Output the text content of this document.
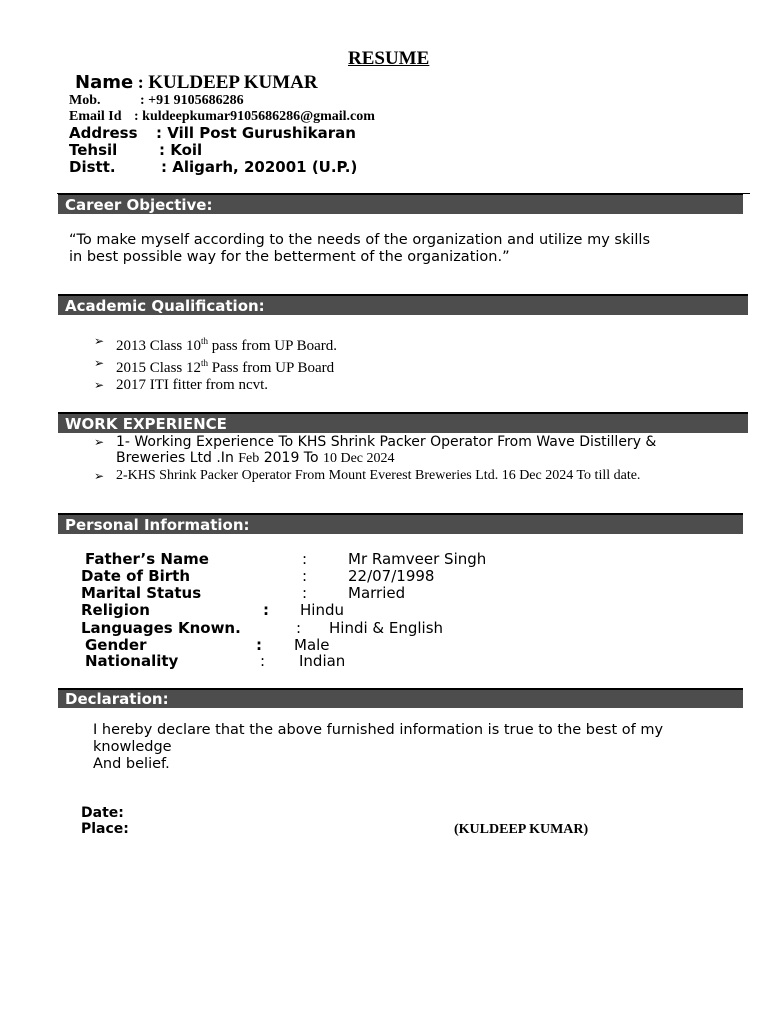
RESUME
Name : KULDEEP KUMAR
Mob.	: +91 9105686286
Email Id : kuldeepkumar9105686286@gmail.com
Address : Vill Post Gurushikaran
Tehsil	: Koil
Distt.	: Aligarh, 202001 (U.P.)
Career Objective:
“To make myself according to the needs of the organization and utilize my skills
in best possible way for the betterment of the organization.”
Academic Qualification:
➢ 2013 Class 10th pass from UP Board.
➢ 2015 Class 12th Pass from UP Board
➢ 2017 ITI fitter from ncvt.
WORK EXPERIENCE
➢ 1- Working Experience To KHS Shrink Packer Operator From Wave Distillery &
Breweries Ltd .In Feb 2019 To 10 Dec 2024
➢ 2-KHS Shrink Packer Operator From Mount Everest Breweries Ltd. 16 Dec 2024 To till date.
Personal Information:
Father’s Name	:	Mr Ramveer Singh
Date of Birth	:	22/07/1998
Marital Status	:	Married
Religion	: Hindu
Languages Known.	: Hindi & English
Gender	: Male
Nationality	: Indian
Declaration:
I hereby declare that the above furnished information is true to the best of my
knowledge
And belief.
Date:
Place:	(KULDEEP KUMAR)
